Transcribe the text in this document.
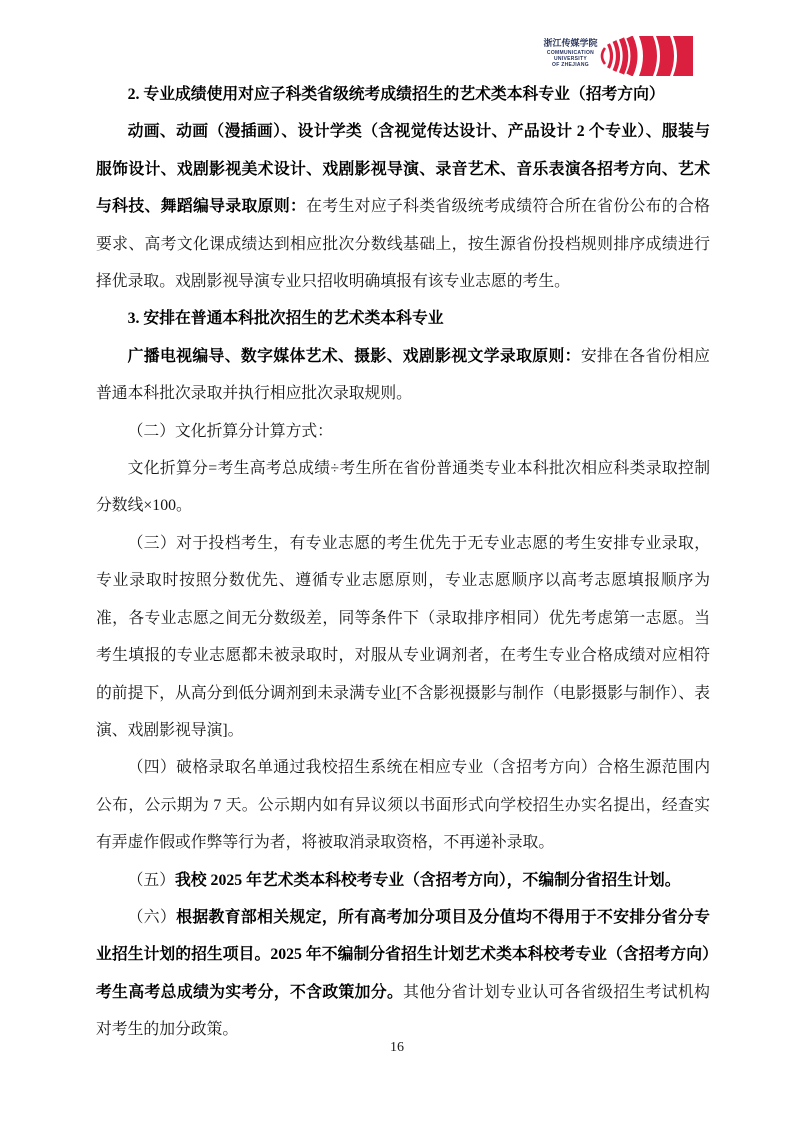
浙江传媒学院
COMMUNICATION
UNIVERSITY
OF ZHEJIANG

2. 专业成绩使用对应子科类省级统考成绩招生的艺术类本科专业（招考方向）

动画、动画（漫插画）、设计学类（含视觉传达设计、产品设计 2 个专业）、服装与服饰设计、戏剧影视美术设计、戏剧影视导演、录音艺术、音乐表演各招考方向、艺术与科技、舞蹈编导录取原则：在考生对应子科类省级统考成绩符合所在省份公布的合格要求、高考文化课成绩达到相应批次分数线基础上，按生源省份投档规则排序成绩进行择优录取。戏剧影视导演专业只招收明确填报有该专业志愿的考生。

3. 安排在普通本科批次招生的艺术类本科专业

广播电视编导、数字媒体艺术、摄影、戏剧影视文学录取原则：安排在各省份相应普通本科批次录取并执行相应批次录取规则。

（二）文化折算分计算方式：

文化折算分=考生高考总成绩÷考生所在省份普通类专业本科批次相应科类录取控制分数线×100。

（三）对于投档考生，有专业志愿的考生优先于无专业志愿的考生安排专业录取，专业录取时按照分数优先、遵循专业志愿原则，专业志愿顺序以高考志愿填报顺序为准，各专业志愿之间无分数级差，同等条件下（录取排序相同）优先考虑第一志愿。当考生填报的专业志愿都未被录取时，对服从专业调剂者，在考生专业合格成绩对应相符的前提下，从高分到低分调剂到未录满专业[不含影视摄影与制作（电影摄影与制作）、表演、戏剧影视导演]。

（四）破格录取名单通过我校招生系统在相应专业（含招考方向）合格生源范围内公布，公示期为 7 天。公示期内如有异议须以书面形式向学校招生办实名提出，经查实有弄虚作假或作弊等行为者，将被取消录取资格，不再递补录取。

（五）我校 2025 年艺术类本科校考专业（含招考方向），不编制分省招生计划。

（六）根据教育部相关规定，所有高考加分项目及分值均不得用于不安排分省分专业招生计划的招生项目。2025 年不编制分省招生计划艺术类本科校考专业（含招考方向）考生高考总成绩为实考分，不含政策加分。其他分省计划专业认可各省级招生考试机构对考生的加分政策。

16
